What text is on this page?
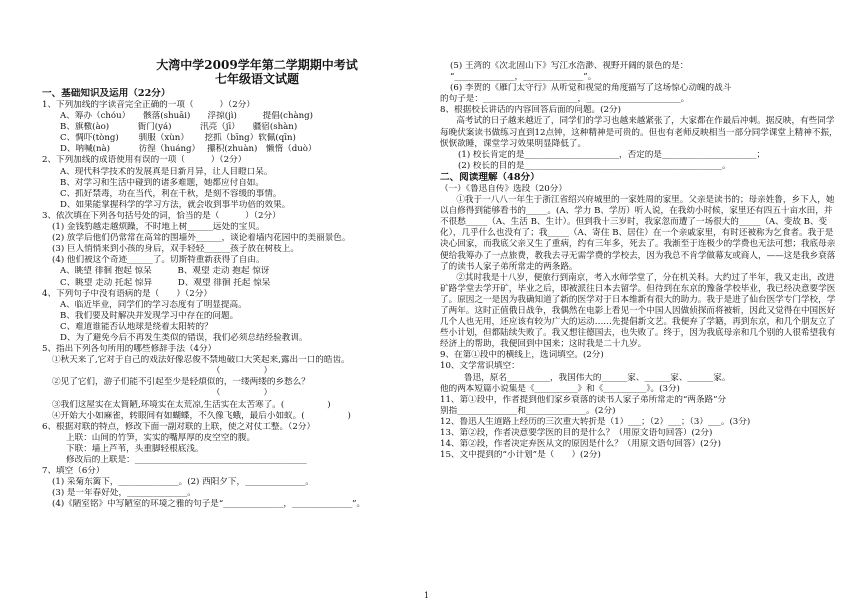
大湾中学2009学年第二学期期中考试
七年级语文试题
一、基础知识及运用（22分）
1、下列加线的字读音完全正确的一项（　　　）（2分）
A、筹办（chóu）　　骸落(shuāi)　　浮掠(jì)　　　提倡(chàng)
B、旗檄(ào)　　　 衙门(yá)　　　 汛亮（jī）　　疆宿(shàn)
C、惆吓(tòng)　　 驯服（xùn）　　 挖抓（bīng）软佩(qīn)
D、呐喊(nà)　　　 彷徨（huáng）　 攥积(zhuàn)　懒惰（duò）
2、下列加线的成语使用有误的一项（　　　）（2分）
A、现代科学技术的发展真是日新月异，让人目瞪口呆。
B、对学习和生活中碰到的诸多难题，她都应付自如。
C、抓好禁毒，功在当代，利在千秋，是刻不容缓的事情。
D、如果能掌握科学的学习方法，就会收到事半功倍的效果。
3、依次填在下列各句括号处的词，恰当的是（　　　）（2分）
(1) 金钱豹越走越烦躁，不时地上树______远处的宝贝。
(2) 放学后他们仍常常在高耸的围墙外______，谈论着墙内花园中的美丽景色。
(3) 巨人悄悄来到小孩的身后，双手轻轻______孩子放在树枝上。
(4) 他们被这个奇迹______了。切斯特重新获得了自由。
A、眺望 徘徊 抱起 惊呆　　　B、观望 走动 抱起 惊讶
C、眺望 走动 托起 惊异　　　D、观望 徘徊 托起 惊呆
4、下列句子中没有语病的是（　　）（2分）
A、临近毕业，同学们的学习态度有了明显提高。
B、我们要及时解决并发现学习中存在的问题。
C、难道谁能否认地球是绕着太阳转的？
D、为了避免今后不再发生类似的错误，我们必须总结经验教训。
5、指出下列各句所用的哪些修辞手法（4分）
①秋天来了,它对于自己的戏法好像忍俊不禁地破口大笑起来,露出一口的皓齿。
（　　　　　）
②见了它们，游子们能不引起至少是轻煩似的，一缕两缕的乡愁么？
（　　　　　）
③我们这屋实在太简陋,环境实在太荒凉,生活实在太苦寒了。(　　　　　)
④开始大小如麻雀，转眼间有如蝴蝶，不久像飞蛾，最后小如蚁。(　　　　　)
6、根据对联的特点，修改下面一副对联的上联，使之对仗工整。（2分）
上联：山间的竹笋，实实的嘴厚厚的皮空空的腹。
下联：墙上芦苇，头重脚轻根底浅。
修改后的上联是：________________________________________
7、填空（6分）
(1) 采菊东篱下，______________。(2) 西阳夕下，______________。
(3) 是一年春好处，______________。
(4)《陋室铭》中写陋室的环境之雅的句子是“______________，______________”。
(5) 王湾的《次北固山下》写江水浩渺、视野开阔的景色的是：
“______________，______________”。
(6) 李贺的《雁门太守行》从听觉和视觉的角度描写了这场惊心动魄的战斗
的句子是：______________________，______________________。
8、根据校长讲话的内容回答后面的问题。(2分)
高考试的日子越来越近了，同学们的学习也越来越紧张了，大家都在作最后冲刺。据反映，有些同学每晚伏案读书做练习直到12点钟，这种精神是可贵的。但也有老师反映相当一部分同学课堂上精神不振，恹恹欲睡，课堂学习效果明显降低了。
(1) 校长肯定的是______________________，否定的是______________________；
(2) 校长的目的是______________________________________________。
二、阅读理解（48分）
（一）《鲁迅自传》选段（20分）
①我于一八八一年生于浙江省绍兴府城里的一家姓周的家里。父亲是读书的；母亲姓鲁，乡下人，她以自修得到能够看书的_____。(A、学力 B、学历）听人说，在我幼小时候，家里还有四五十亩水田，并不很愁_____（A、生活 B、生计）。但到我十三岁时，我家忽而遭了一场很大的_____（A、变故 B、变化），几乎什么也没有了；我_____（A、寄住 B、居住）在一个亲戚家里，有时还被称为乞食者。我于是决心回家，而我底父亲又生了重病，约有三年多，死去了。我渐至于连极少的学费也无法可想；我底母亲便给我筹办了一点旅费，教我去寻无需学费的学校去，因为我总不肯学做幕友或商人，——这是我乡衰落了的读书人家子弟所常走的两条路。
②其时我是十八岁，便旅行到南京，考入水师学堂了，分在机关科。大约过了半年，我又走出，改进矿路学堂去学开矿，毕业之后，即被派往日本去留学。但待到在东京的豫备学校毕业，我已经决意要学医了。原因之一是因为我确知道了新的医学对于日本维新有很大的助力。我于是进了仙台医学专门学校，学了两年。这时正值俄日战争，我偶然在电影上看见一个中国人因做侦探而将被斩，因此又觉得在中国医好几个人也无用，还应该有较为广大的运动……先提倡新文艺。我便弃了学籍，再到东京，和几个朋友立了些小计划，但都陆续失败了。我又想往德国去，也失败了。终于，因为我底母亲和几个别的人很希望我有经济上的帮助，我便回到中国来；这时我是二十九岁。
9、在第①段中的横线上，选词填空。(2分)
10、文学常识填空：
鲁迅，原名__________，我国伟大的______家、______家、______家。
他的两本短篇小说集是《__________》和《__________》。(3分)
11、第①段中，作者提到他们家乡衰落的读书人家子弟所常走的“两条路”分
别指______________和______________。(2分)
12、鲁迅人生道路上经历的三次重大转折是（1）___；（2）___；（3）___。(3分)
13、第②段，作者决意要学医的目的是什么？（用原文语句回答）(2分)
14、第②段，作者决定弃医从文的原因是什么？（用原文语句回答）(2分)
15、文中提到的“小计划”是（　　）(2分)
1
